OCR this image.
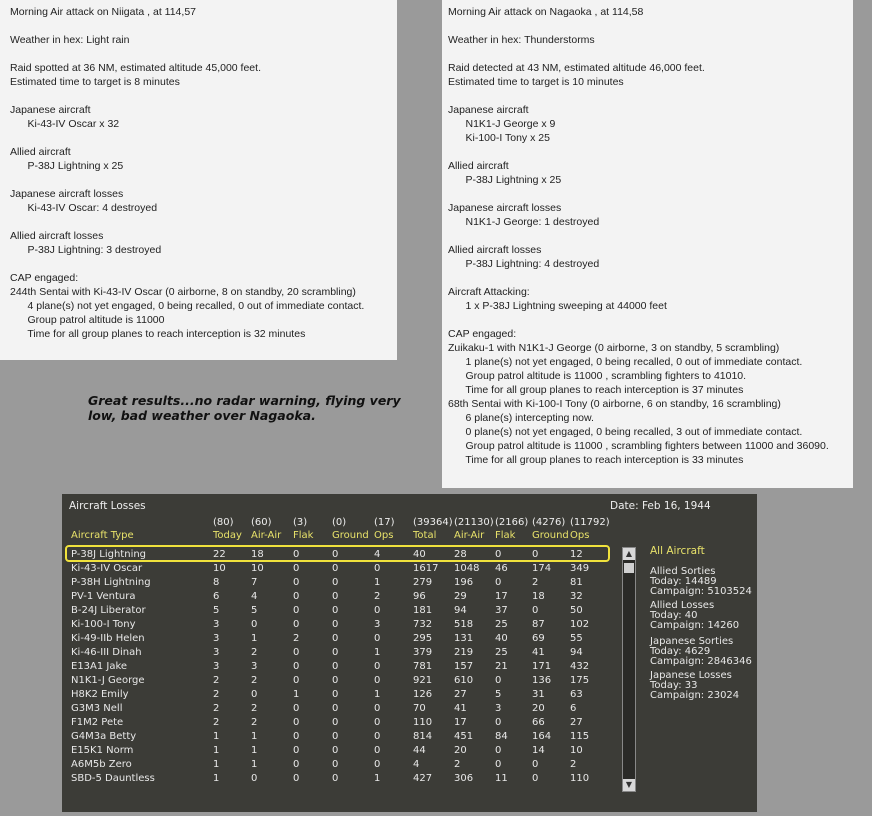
Morning Air attack on Niigata , at 114,57
Weather in hex: Light rain
Raid spotted at 36 NM, estimated altitude 45,000 feet.
Estimated time to target is 8 minutes
Japanese aircraft
Ki-43-IV Oscar x 32
Allied aircraft
P-38J Lightning x 25
Japanese aircraft losses
Ki-43-IV Oscar: 4 destroyed
Allied aircraft losses
P-38J Lightning: 3 destroyed
CAP engaged:
244th Sentai with Ki-43-IV Oscar (0 airborne, 8 on standby, 20 scrambling)
4 plane(s) not yet engaged, 0 being recalled, 0 out of immediate contact.
Group patrol altitude is 11000
Time for all group planes to reach interception is 32 minutes
Morning Air attack on Nagaoka , at 114,58
Weather in hex: Thunderstorms
Raid detected at 43 NM, estimated altitude 46,000 feet.
Estimated time to target is 10 minutes
Japanese aircraft
N1K1-J George x 9
Ki-100-I Tony x 25
Allied aircraft
P-38J Lightning x 25
Japanese aircraft losses
N1K1-J George: 1 destroyed
Allied aircraft losses
P-38J Lightning: 4 destroyed
Aircraft Attacking:
1 x P-38J Lightning sweeping at 44000 feet
CAP engaged:
Zuikaku-1 with N1K1-J George (0 airborne, 3 on standby, 5 scrambling)
1 plane(s) not yet engaged, 0 being recalled, 0 out of immediate contact.
Group patrol altitude is 11000 , scrambling fighters to 41010.
Time for all group planes to reach interception is 37 minutes
68th Sentai with Ki-100-I Tony (0 airborne, 6 on standby, 16 scrambling)
6 plane(s) intercepting now.
0 plane(s) not yet engaged, 0 being recalled, 3 out of immediate contact.
Group patrol altitude is 11000 , scrambling fighters between 11000 and 36090.
Time for all group planes to reach interception is 33 minutes
Great results...no radar warning, flying very
low, bad weather over Nagaoka.
Aircraft Losses	Date: Feb 16, 1944
(80) (60) (3) (0)	(17) (39364) (21130) (2166) (4276) (11792)
Aircraft Type	Today Air-Air Flak Ground Ops Total Air-Air Flak Ground Ops
P-38J Lightning	22	18	0	0	4	40	28	0	0	12
Ki-43-IV Oscar	10	10	0	0	0	1617 1048 46 174 349
P-38H Lightning	8	7	0	0	1	279 196 0	2	81
PV-1 Ventura	6	4	0	0	2	96	29	17 18	32
B-24J Liberator	5	5	0	0	0	181 94	37 0	50
Ki-100-I Tony	3	0	0	0	3	732 518 25 87	102
Ki-49-IIb Helen	3	1	2	0	0	295 131 40 69	55
Ki-46-III Dinah	3	2	0	0	1	379 219 25 41	94
E13A1 Jake	3	3	0	0	0	781 157 21 171 432
N1K1-J George	2	2	0	0	0	921 610 0	136 175
H8K2 Emily	2	0	1	0	1	126 27	5	31	63
G3M3 Nell	2	2	0	0	0	70	41	3	20	6
F1M2 Pete	2	2	0	0	0	110 17	0	66	27
G4M3a Betty	1	1	0	0	0	814 451 84 164 115
E15K1 Norm	1	1	0	0	0	44	20	0	14	10
A6M5b Zero	1	1	0	0	0	4	2	0	0	2
SBD-5 Dauntless	1	0	0	0	1	427 306 11 0	110
▲
▼
All Aircraft
Allied Sorties
Today: 14489
Campaign: 5103524
Allied Losses
Today: 40
Campaign: 14260
Japanese Sorties
Today: 4629
Campaign: 2846346
Japanese Losses
Today: 33
Campaign: 23024
